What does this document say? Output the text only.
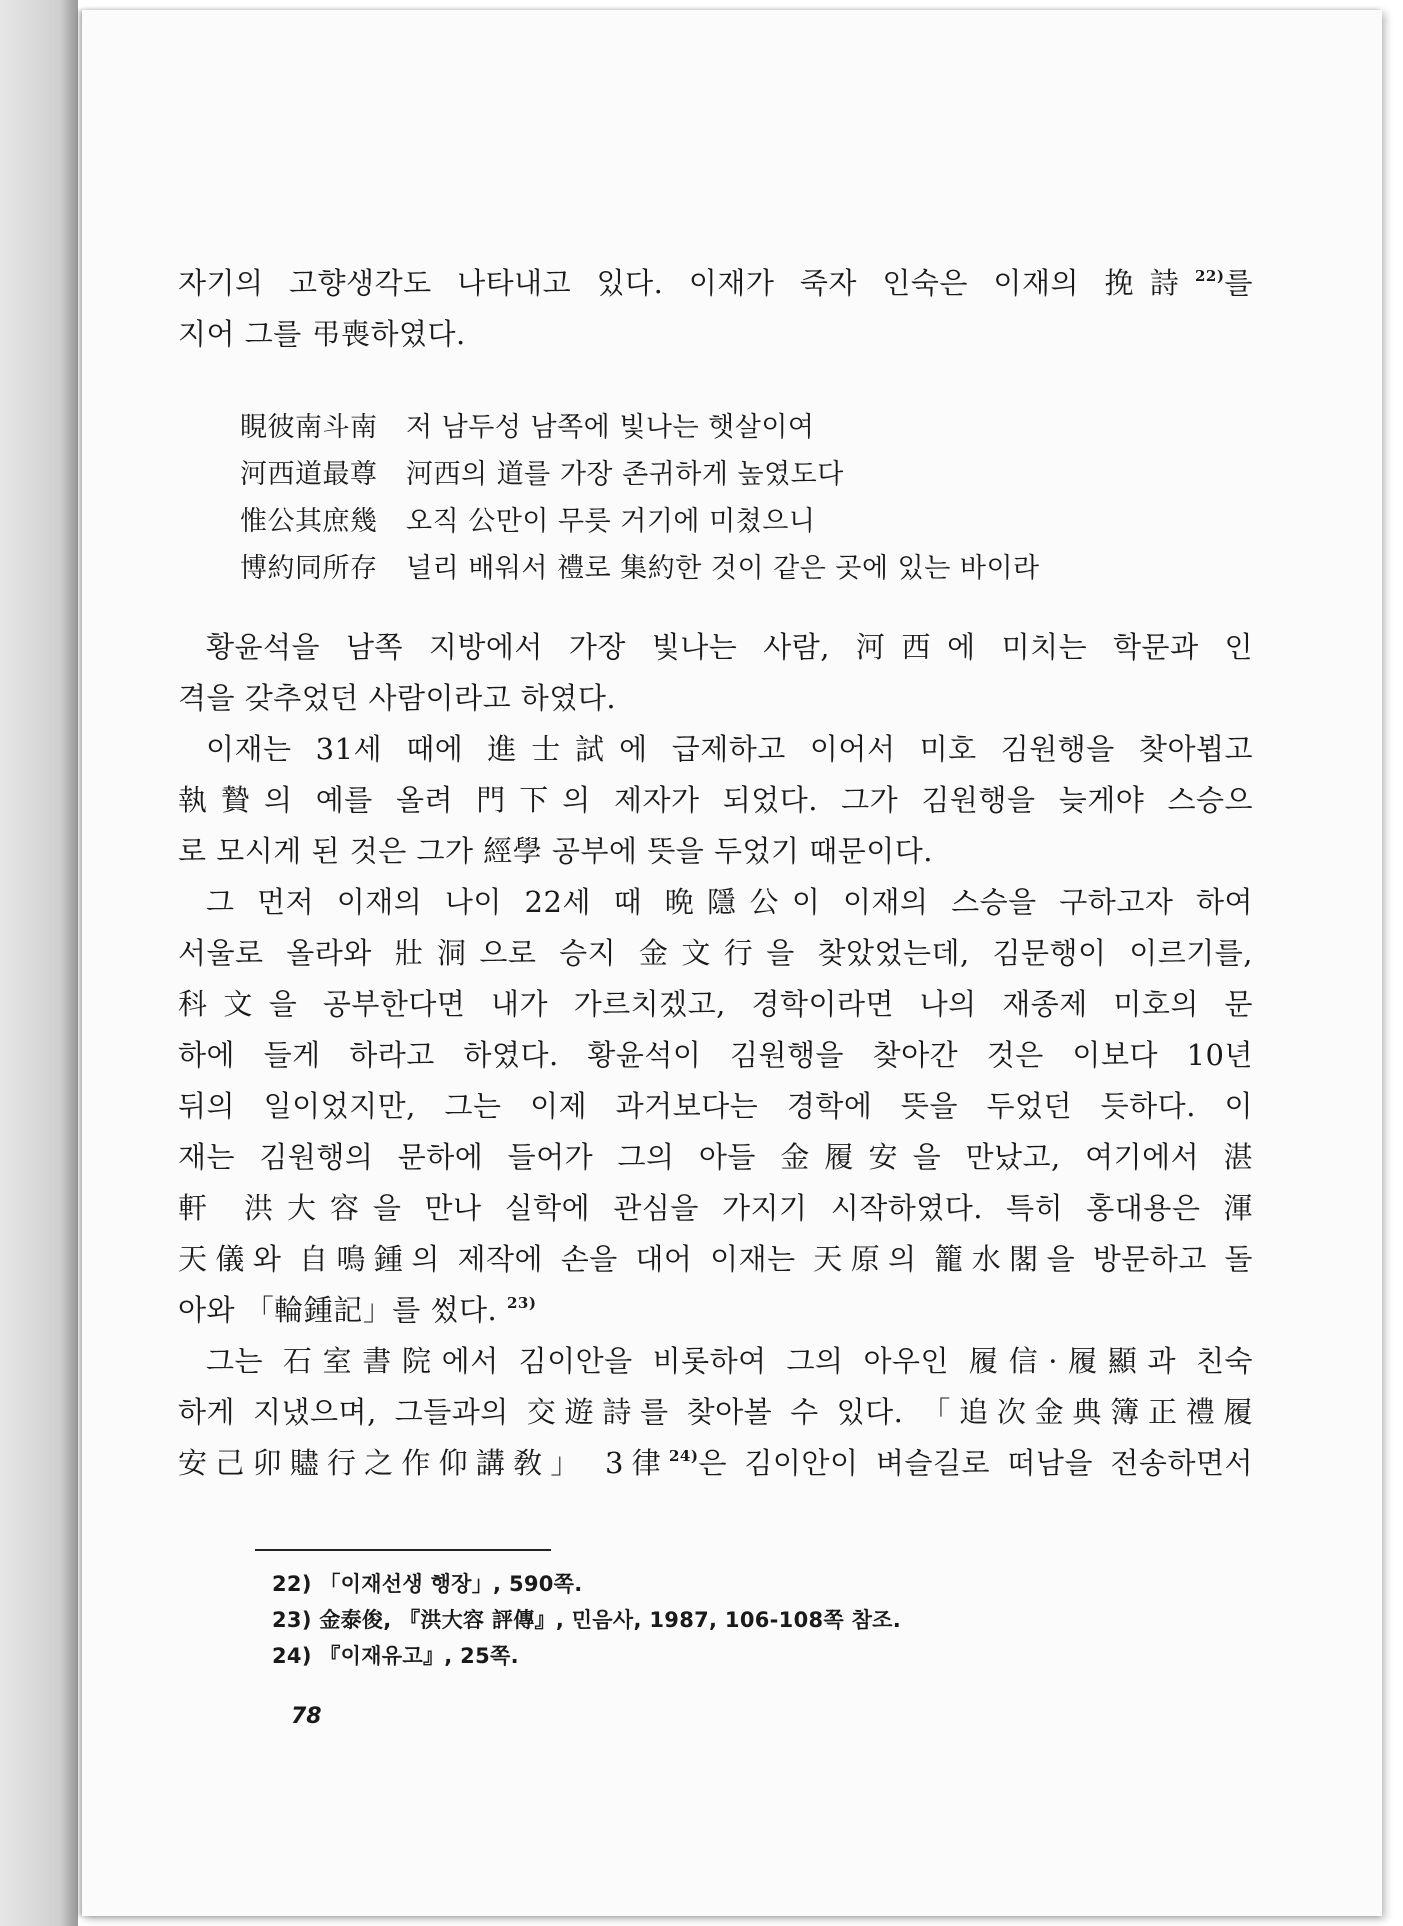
자기의 고향생각도 나타내고 있다. 이재가 죽자 인숙은 이재의 挽詩$^{22)}$를

지어 그를 弔喪하였다.

睍彼南斗南 저 남두성 남쪽에 빛나는 햇살이여
河西道最尊 河西의 道를 가장 존귀하게 높였도다
惟公其庶幾 오직 公만이 무릇 거기에 미쳤으니
博約同所存 널리 배워서 禮로 集約한 것이 같은 곳에 있는 바이라

황윤석을 남쪽 지방에서 가장 빛나는 사람, 河西에 미치는 학문과 인

격을 갖추었던 사람이라고 하였다.

이재는 31세 때에 進士試에 급제하고 이어서 미호 김원행을 찾아뵙고

執贄의 예를 올려 門下의 제자가 되었다. 그가 김원행을 늦게야 스승으

로 모시게 된 것은 그가 經學 공부에 뜻을 두었기 때문이다.

그 먼저 이재의 나이 22세 때 晩隱公이 이재의 스승을 구하고자 하여

서울로 올라와 壯洞으로 승지 金文行을 찾았었는데, 김문행이 이르기를,

科文을 공부한다면 내가 가르치겠고, 경학이라면 나의 재종제 미호의 문

하에 들게 하라고 하였다. 황윤석이 김원행을 찾아간 것은 이보다 10년

뒤의 일이었지만, 그는 이제 과거보다는 경학에 뜻을 두었던 듯하다. 이

재는 김원행의 문하에 들어가 그의 아들 金履安을 만났고, 여기에서 湛

軒 洪大容을 만나 실학에 관심을 가지기 시작하였다. 특히 홍대용은 渾

天儀와 自鳴鍾의 제작에 손을 대어 이재는 天原의 籠水閣을 방문하고 돌

아와 「輪鍾記」를 썼다. $^{23)}$

그는 石室書院에서 김이안을 비롯하여 그의 아우인 履信·履顯과 친숙

하게 지냈으며, 그들과의 交遊詩를 찾아볼 수 있다. 「追次金典簿正禮履

安己卯贐行之作仰講敎」 3律$^{24)}$은 김이안이 벼슬길로 떠남을 전송하면서

22) 「이재선생 행장」, 590쪽.
23) 金泰俊, 『洪大容 評傳』, 민음사, 1987, 106-108쪽 참조.
24) 『이재유고』, 25쪽.
78
